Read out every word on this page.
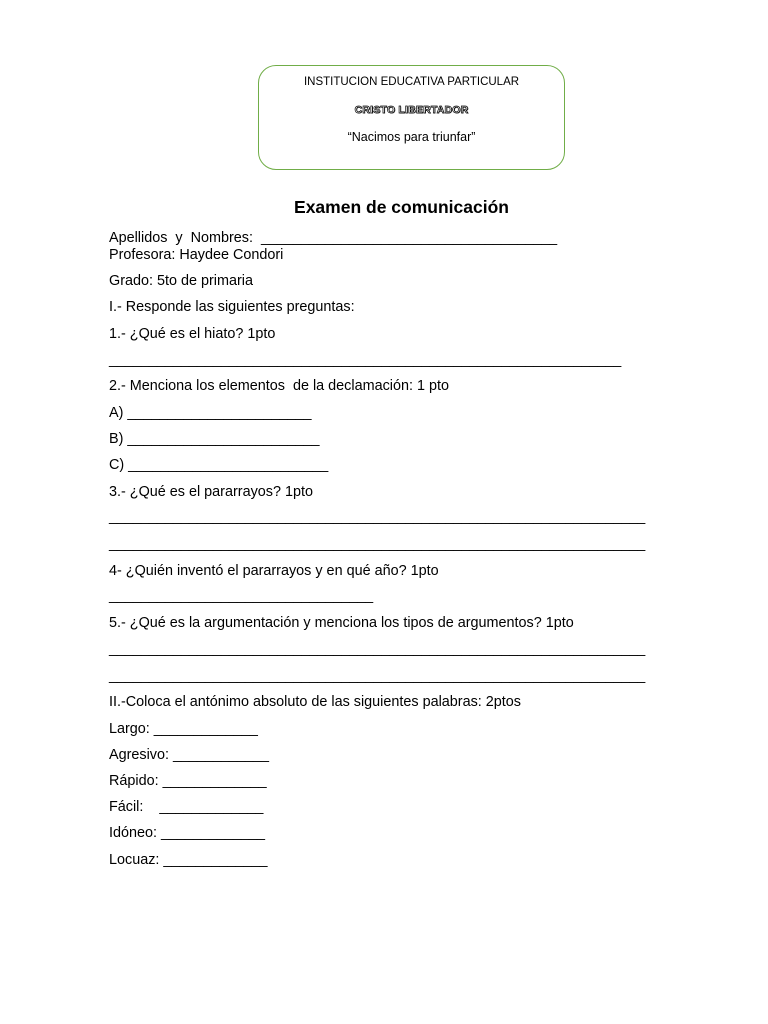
INSTITUCION EDUCATIVA PARTICULAR
CRISTO LIBERTADOR
“Nacimos para triunfar”
Examen de comunicación
Apellidos  y  Nombres:  _____________________________________
Profesora: Haydee Condori
Grado: 5to de primaria
I.- Responde las siguientes preguntas:
1.- ¿Qué es el hiato? 1pto
________________________________________________________________
2.- Menciona los elementos  de la declamación: 1 pto
A) _______________________
B) ________________________
C) _________________________
3.- ¿Qué es el pararrayos? 1pto
___________________________________________________________________
___________________________________________________________________
4- ¿Quién inventó el pararrayos y en qué año? 1pto
_________________________________
5.- ¿Qué es la argumentación y menciona los tipos de argumentos? 1pto
___________________________________________________________________
___________________________________________________________________
II.-Coloca el antónimo absoluto de las siguientes palabras: 2ptos
Largo: _____________
Agresivo: ____________
Rápido: _____________
Fácil:    _____________
Idóneo: _____________
Locuaz: _____________
